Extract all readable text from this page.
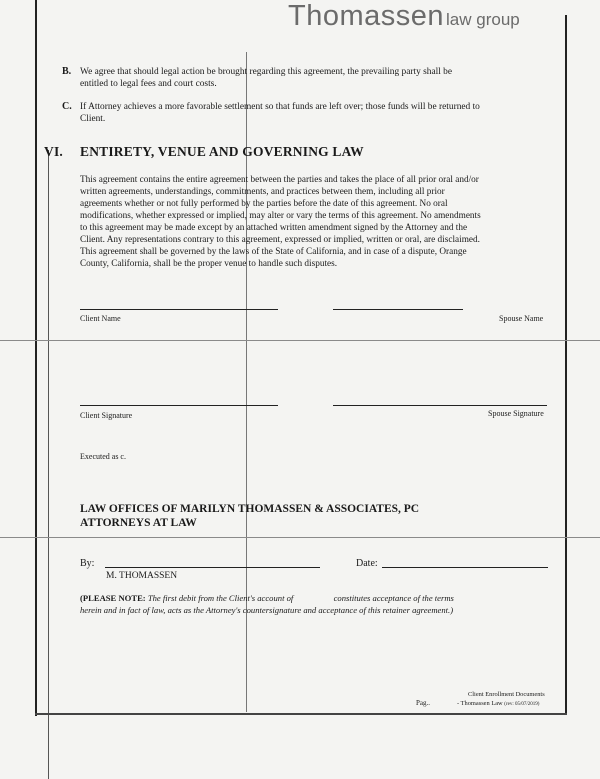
Thomassen law group
B. We agree that should legal action be brought regarding this agreement, the prevailing party shall be
entitled to legal fees and court costs.
C. If Attorney achieves a more favorable settlement so that funds are left over; those funds will be returned to
Client.
VI. ENTIRETY, VENUE AND GOVERNING LAW
This agreement contains the entire agreement between the parties and takes the place of all prior oral and/or
written agreements, understandings, commitments, and practices between them, including all prior
agreements whether or not fully performed by the parties before the date of this agreement. No oral
modifications, whether expressed or implied, may alter or vary the terms of this agreement. No amendments
to this agreement may be made except by an attached written amendment signed by the Attorney and the
Client. Any representations contrary to this agreement, expressed or implied, written or oral, are disclaimed.
This agreement shall be governed by the laws of the State of California, and in case of a dispute, Orange
County, California, shall be the proper venue to handle such disputes.
Client Name	Spouse Name
Client Signature	Spouse Signature
Executed as c.
LAW OFFICES OF MARILYN THOMASSEN & ASSOCIATES, PC
ATTORNEYS AT LAW
By:
M. THOMASSEN
Date:
(PLEASE NOTE: The first debit from the Client's account of	constitutes acceptance of the terms
herein and in fact of law, acts as the Attorney's countersignature and acceptance of this retainer agreement.)
Client Enrollment Documents
Pag..	- Thomassen Law (rev: 05/07/2019)
